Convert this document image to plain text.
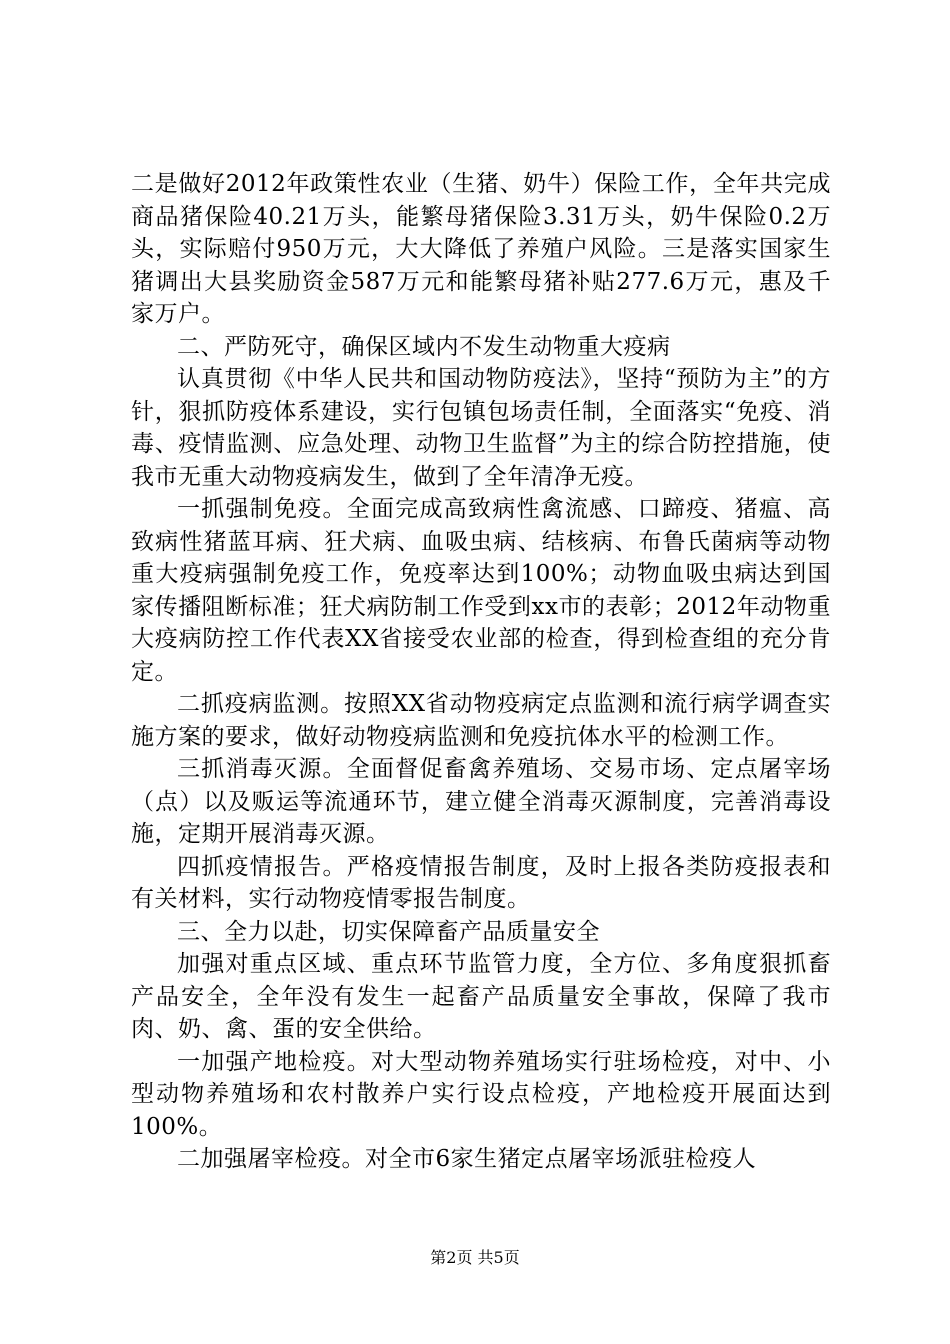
二是做好2012年政策性农业（生猪、奶牛）保险工作，全年共完成商品猪保险40.21万头，能繁母猪保险3.31万头，奶牛保险0.2万头，实际赔付950万元，大大降低了养殖户风险。三是落实国家生猪调出大县奖励资金587万元和能繁母猪补贴277.6万元，惠及千家万户。

二、严防死守，确保区域内不发生动物重大疫病

认真贯彻《中华人民共和国动物防疫法》，坚持“预防为主”的方针，狠抓防疫体系建设，实行包镇包场责任制，全面落实“免疫、消毒、疫情监测、应急处理、动物卫生监督”为主的综合防控措施，使我市无重大动物疫病发生，做到了全年清净无疫。

一抓强制免疫。全面完成高致病性禽流感、口蹄疫、猪瘟、高致病性猪蓝耳病、狂犬病、血吸虫病、结核病、布鲁氏菌病等动物重大疫病强制免疫工作，免疫率达到100%；动物血吸虫病达到国家传播阻断标准；狂犬病防制工作受到xx市的表彰；2012年动物重大疫病防控工作代表XX省接受农业部的检查，得到检查组的充分肯定。

二抓疫病监测。按照XX省动物疫病定点监测和流行病学调查实施方案的要求，做好动物疫病监测和免疫抗体水平的检测工作。

三抓消毒灭源。全面督促畜禽养殖场、交易市场、定点屠宰场（点）以及贩运等流通环节，建立健全消毒灭源制度，完善消毒设施，定期开展消毒灭源。

四抓疫情报告。严格疫情报告制度，及时上报各类防疫报表和有关材料，实行动物疫情零报告制度。

三、全力以赴，切实保障畜产品质量安全

加强对重点区域、重点环节监管力度，全方位、多角度狠抓畜产品安全，全年没有发生一起畜产品质量安全事故，保障了我市肉、奶、禽、蛋的安全供给。

一加强产地检疫。对大型动物养殖场实行驻场检疫，对中、小型动物养殖场和农村散养户实行设点检疫，产地检疫开展面达到100%。

二加强屠宰检疫。对全市6家生猪定点屠宰场派驻检疫人

第2页 共5页
